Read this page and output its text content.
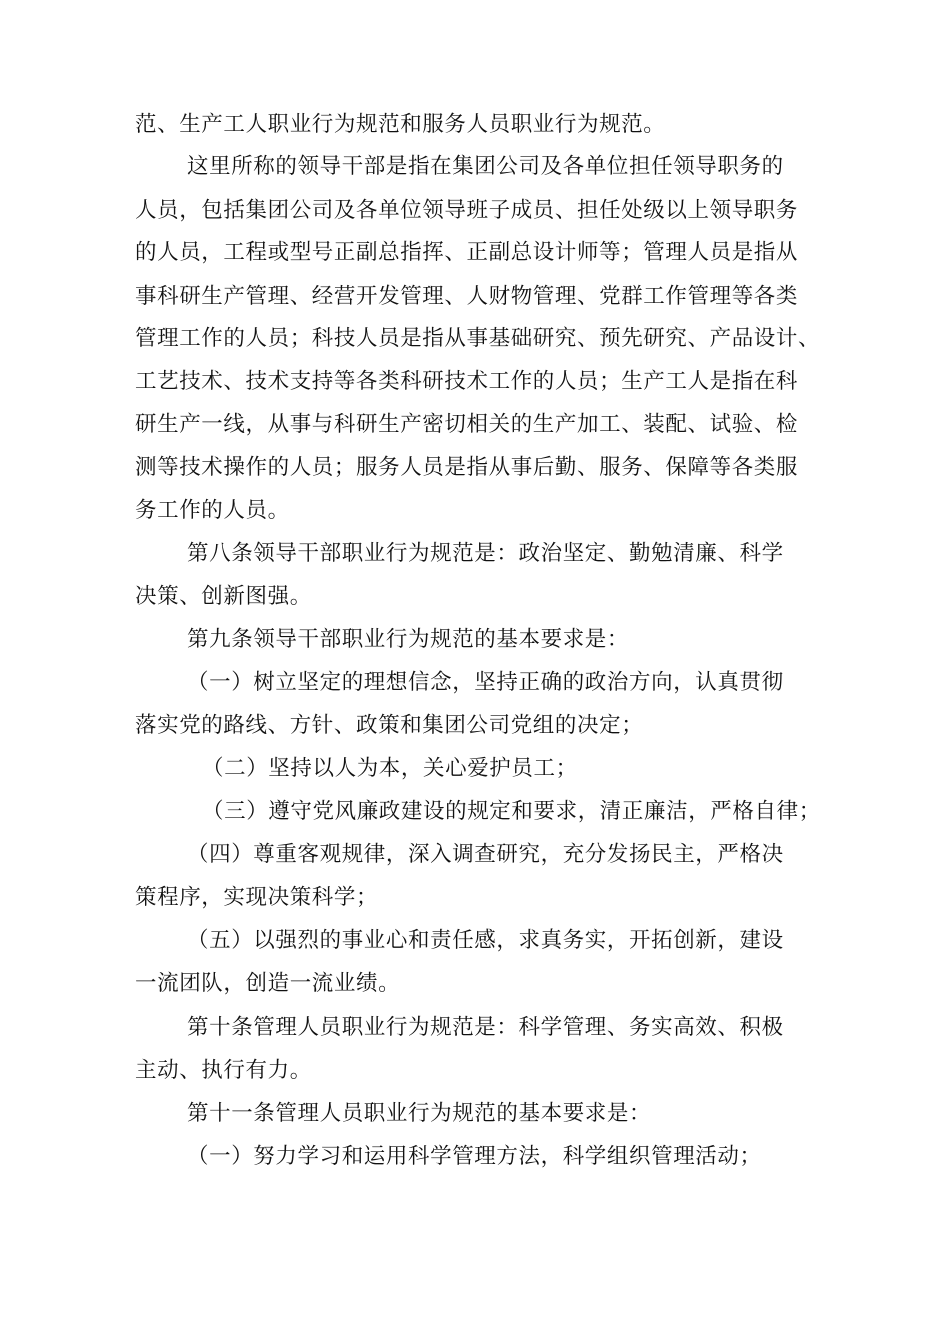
范、生产工人职业行为规范和服务人员职业行为规范。
这里所称的领导干部是指在集团公司及各单位担任领导职务的
人员，包括集团公司及各单位领导班子成员、担任处级以上领导职务
的人员，工程或型号正副总指挥、正副总设计师等；管理人员是指从
事科研生产管理、经营开发管理、人财物管理、党群工作管理等各类
管理工作的人员；科技人员是指从事基础研究、预先研究、产品设计、
工艺技术、技术支持等各类科研技术工作的人员；生产工人是指在科
研生产一线，从事与科研生产密切相关的生产加工、装配、试验、检
测等技术操作的人员；服务人员是指从事后勤、服务、保障等各类服
务工作的人员。
第八条领导干部职业行为规范是：政治坚定、勤勉清廉、科学
决策、创新图强。
第九条领导干部职业行为规范的基本要求是：
（一）树立坚定的理想信念，坚持正确的政治方向，认真贯彻
落实党的路线、方针、政策和集团公司党组的决定；
（二）坚持以人为本，关心爱护员工；
（三）遵守党风廉政建设的规定和要求，清正廉洁，严格自律；
（四）尊重客观规律，深入调查研究，充分发扬民主，严格决
策程序，实现决策科学；
（五）以强烈的事业心和责任感，求真务实，开拓创新，建设
一流团队，创造一流业绩。
第十条管理人员职业行为规范是：科学管理、务实高效、积极
主动、执行有力。
第十一条管理人员职业行为规范的基本要求是：
（一）努力学习和运用科学管理方法，科学组织管理活动；
